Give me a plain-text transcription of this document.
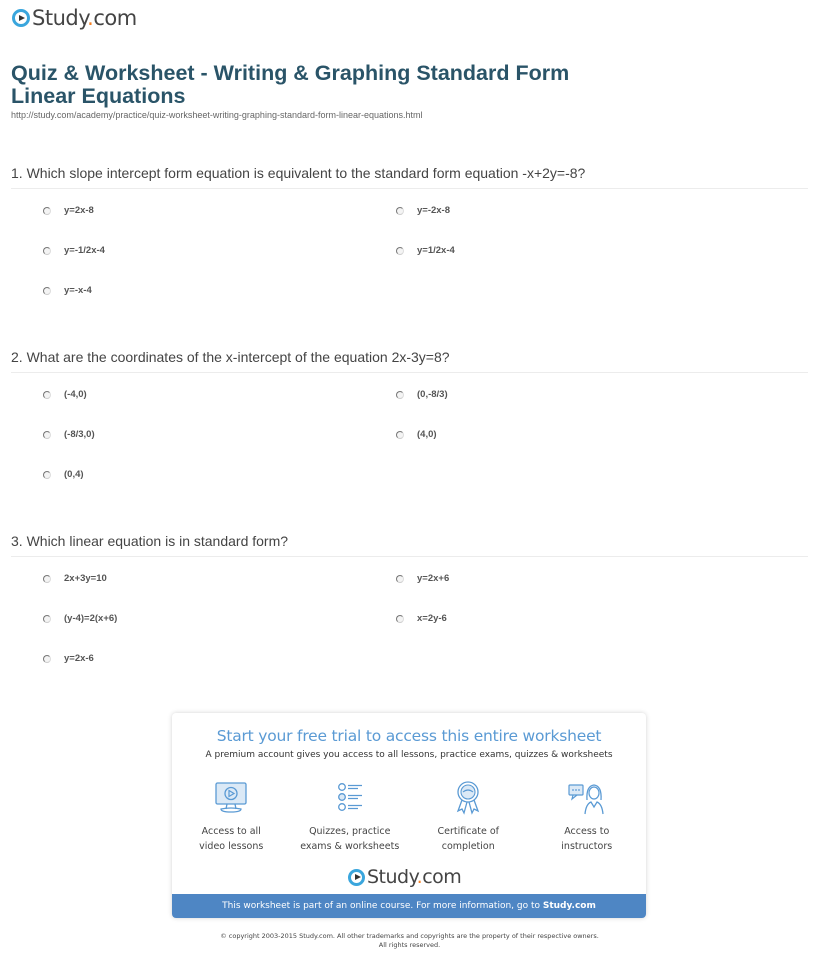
Study.com
Quiz & Worksheet - Writing & Graphing Standard Form Linear Equations
http://study.com/academy/practice/quiz-worksheet-writing-graphing-standard-form-linear-equations.html
1. Which slope intercept form equation is equivalent to the standard form equation -x+2y=-8?
y=2x-8	y=-2x-8
y=-1/2x-4	y=1/2x-4
y=-x-4
2. What are the coordinates of the x-intercept of the equation 2x-3y=8?
(-4,0)	(0,-8/3)
(-8/3,0)	(4,0)
(0,4)
3. Which linear equation is in standard form?
2x+3y=10	y=2x+6
(y-4)=2(x+6)	x=2y-6
y=2x-6
Start your free trial to access this entire worksheet
A premium account gives you access to all lessons, practice exams, quizzes & worksheets
Access to all
video lessons
Quizzes, practice
exams & worksheets
Certificate of
completion
Access to
instructors
Study.com
This worksheet is part of an online course. For more information, go to Study.com
© copyright 2003-2015 Study.com. All other trademarks and copyrights are the property of their respective owners.
All rights reserved.
